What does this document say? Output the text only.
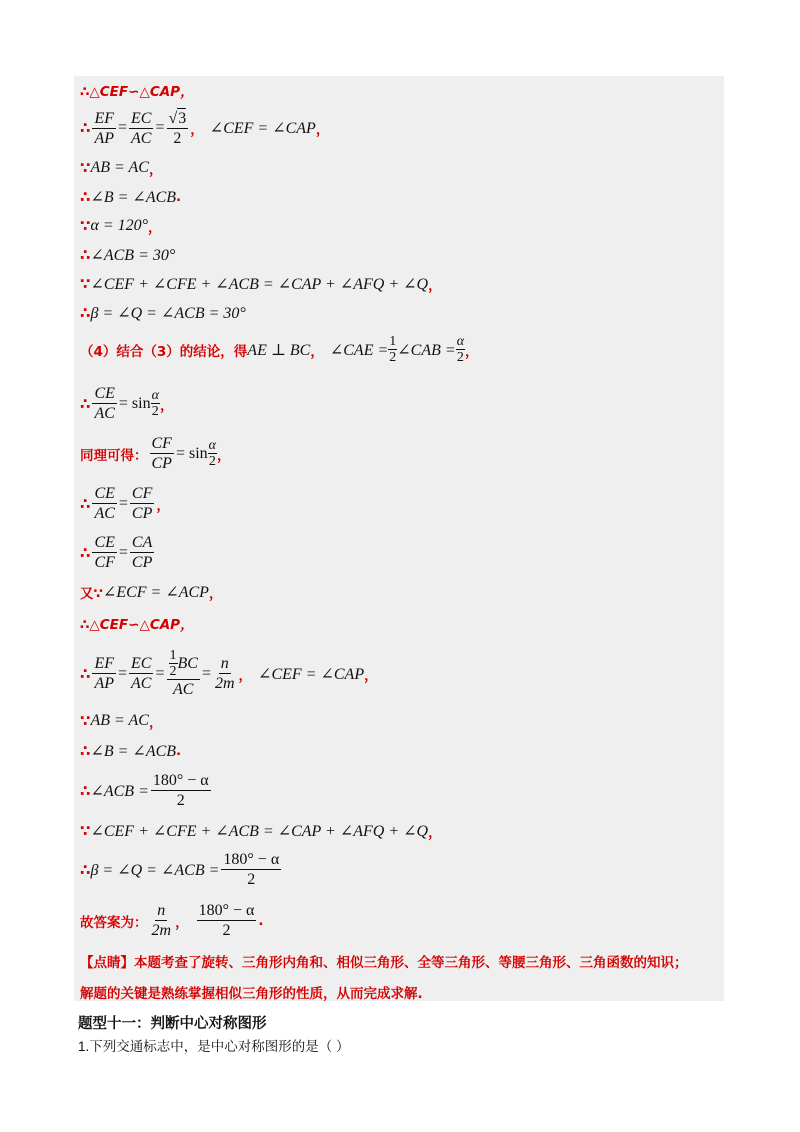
∴△CEF∽△CAP，
∴ $\frac{EF}{AP} = \frac{EC}{AC} = \frac{√3}{2}$ ， ∠CEF = ∠CAP ，
∵ AB = AC ，
∴ ∠B = ∠ACB .
∵ α = 120° ，
∴ ∠ACB = 30°
∵ ∠CEF + ∠CFE + ∠ACB = ∠CAP + ∠AFQ + ∠Q ，
∴ β = ∠Q = ∠ACB = 30°
（4）结合（3）的结论，得 AE ⊥ BC ， ∠CAE = $\frac{1}{2}$ ∠CAB = $\frac{\alpha}{2}$ ，
∴ $\frac{CE}{AC} = \sin \frac{\alpha}{2}$ ，
同理可得： $\frac{CF}{CP} = \sin \frac{\alpha}{2}$ ，
∴ $\frac{CE}{AC} = \frac{CF}{CP}$ ，
∴ $\frac{CE}{CF} = \frac{CA}{CP}$
又∵ ∠ECF = ∠ACP ，
∴△CEF∽△CAP，
∴ $\frac{EF}{AP} = \frac{EC}{AC} = \frac{\frac{1}{2} BC}{AC} = \frac{n}{2m}$ ， ∠CEF = ∠CAP ，
∵ AB = AC ，
∴ ∠B = ∠ACB .
∴ ∠ACB = $\frac{180^\circ - \alpha}{2}$
∵ ∠CEF + ∠CFE + ∠ACB = ∠CAP + ∠AFQ + ∠Q ，
∴ β = ∠Q = ∠ACB = $\frac{180^\circ - \alpha}{2}$
故答案为： $\frac{n}{2m}$ ， $\frac{180^\circ - \alpha}{2}$ .
【点睛】本题考查了旋转、三角形内角和、相似三角形、全等三角形、等腰三角形、三角函数的知识；
解题的关键是熟练掌握相似三角形的性质，从而完成求解.
题型十一：判断中心对称图形
1.下列交通标志中，是中心对称图形的是（ ）
